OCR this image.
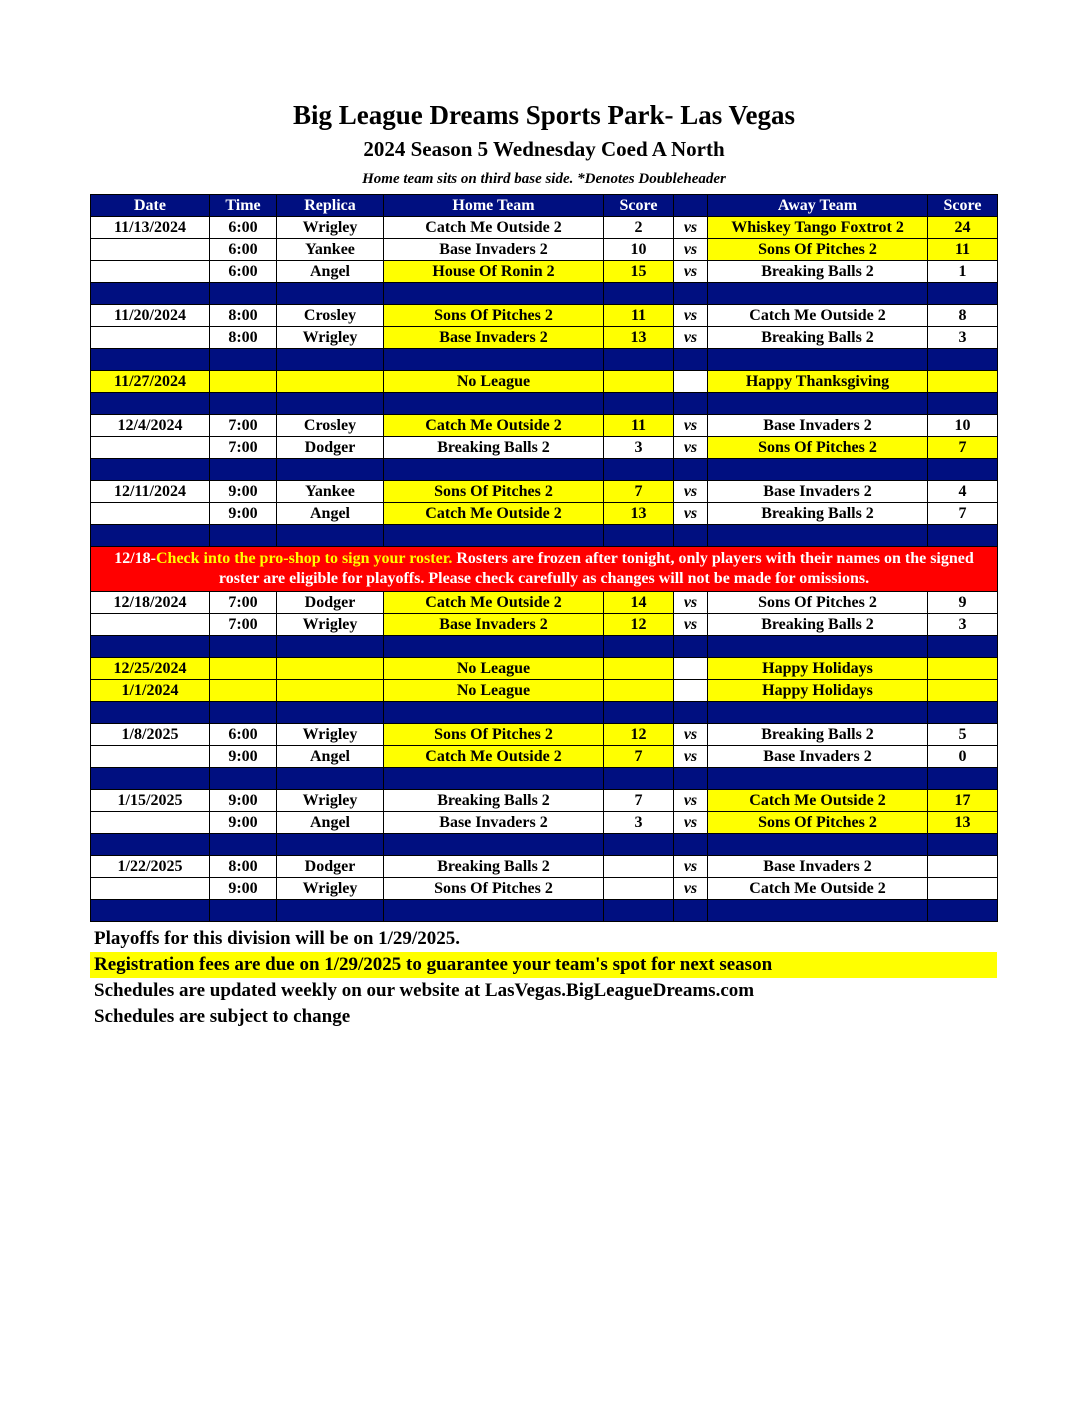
Big League Dreams Sports Park- Las Vegas
2024 Season 5 Wednesday Coed A North
Home team sits on third base side. *Denotes Doubleheader
Date	Time	Replica	Home Team	Score		Away Team	Score
11/13/2024	6:00	Wrigley	Catch Me Outside 2	2	vs	Whiskey Tango Foxtrot 2	24
	6:00	Yankee	Base Invaders 2	10	vs	Sons Of Pitches 2	11
	6:00	Angel	House Of Ronin 2	15	vs	Breaking Balls 2	1

11/20/2024	8:00	Crosley	Sons Of Pitches 2	11	vs	Catch Me Outside 2	8
	8:00	Wrigley	Base Invaders 2	13	vs	Breaking Balls 2	3

11/27/2024			No League			Happy Thanksgiving	

12/4/2024	7:00	Crosley	Catch Me Outside 2	11	vs	Base Invaders 2	10
	7:00	Dodger	Breaking Balls 2	3	vs	Sons Of Pitches 2	7

12/11/2024	9:00	Yankee	Sons Of Pitches 2	7	vs	Base Invaders 2	4
	9:00	Angel	Catch Me Outside 2	13	vs	Breaking Balls 2	7

12/18-Check into the pro-shop to sign your roster. Rosters are frozen after tonight, only players with their names on the signed roster are eligible for playoffs. Please check carefully as changes will not be made for omissions.							
12/18/2024	7:00	Dodger	Catch Me Outside 2	14	vs	Sons Of Pitches 2	9
	7:00	Wrigley	Base Invaders 2	12	vs	Breaking Balls 2	3

12/25/2024			No League			Happy Holidays	
1/1/2024			No League			Happy Holidays	

1/8/2025	6:00	Wrigley	Sons Of Pitches 2	12	vs	Breaking Balls 2	5
	9:00	Angel	Catch Me Outside 2	7	vs	Base Invaders 2	0

1/15/2025	9:00	Wrigley	Breaking Balls 2	7	vs	Catch Me Outside 2	17
	9:00	Angel	Base Invaders 2	3	vs	Sons Of Pitches 2	13

1/22/2025	8:00	Dodger	Breaking Balls 2		vs	Base Invaders 2	
	9:00	Wrigley	Sons Of Pitches 2		vs	Catch Me Outside 2	

Playoffs for this division will be on 1/29/2025.
Registration fees are due on 1/29/2025 to guarantee your team's spot for next season
Schedules are updated weekly on our website at LasVegas.BigLeagueDreams.com
Schedules are subject to change
